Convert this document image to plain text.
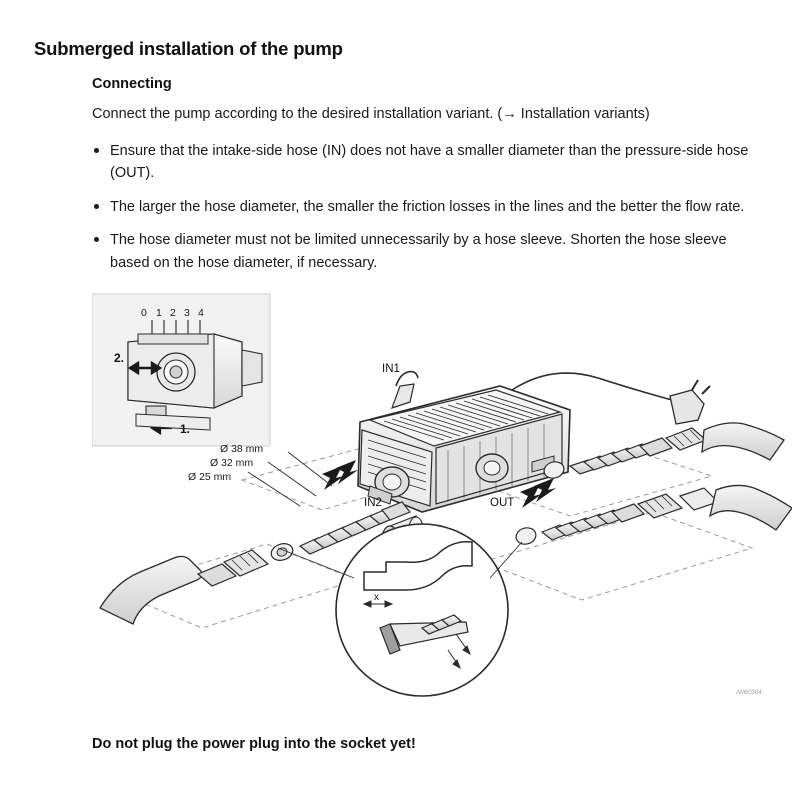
Submerged installation of the pump
Connecting

Connect the pump according to the desired installation variant. (→ Installation variants)

Ensure that the intake-side hose (IN) does not have a smaller diameter than the pressure-side hose (OUT).
The larger the hose diameter, the smaller the friction losses in the lines and the better the flow rate.
The hose diameter must not be limited unnecessarily by a hose sleeve. Shorten the hose sleeve based on the hose diameter, if necessary.
0 1 2 3 4
2.
1.
IN1
IN2	OUT
Ø 38 mm
Ø 32 mm
Ø 25 mm
x
AM60384
Do not plug the power plug into the socket yet!
